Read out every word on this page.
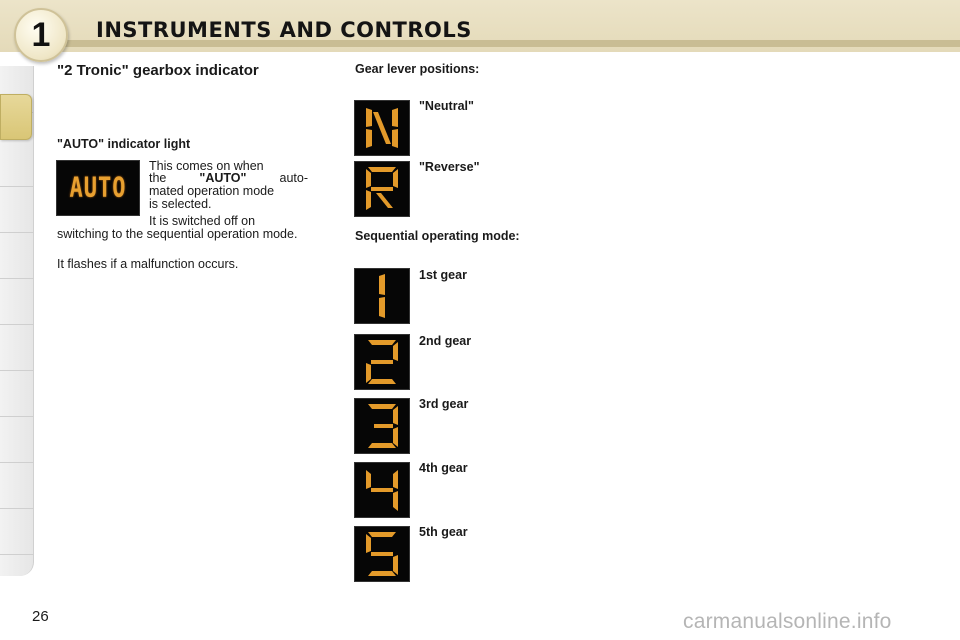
1 INSTRUMENTS AND CONTROLS
"2 Tronic" gearbox indicator
"AUTO" indicator light
AUTO
This comes on when
the	"AUTO"	auto-
mated operation mode
is selected.
It is switched off on
switching to the sequential operation mode.
It flashes if a malfunction occurs.
Gear lever positions:
Sequential operating mode:
"Neutral"
"Reverse"
1st gear
2nd gear
3rd gear
4th gear
5th gear
26	carmanualsonline.info
